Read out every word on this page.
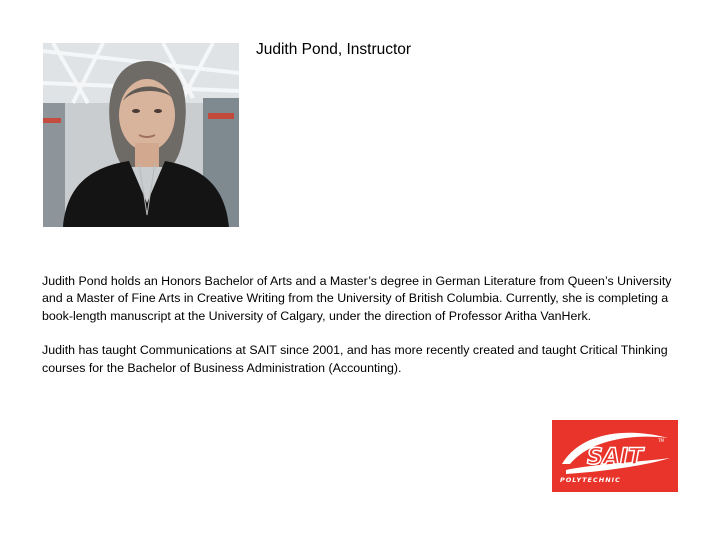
Judith Pond, Instructor

Judith Pond holds an Honors Bachelor of Arts and a Master’s degree in German Literature from Queen’s University and a Master of Fine Arts in Creative Writing from the University of British Columbia. Currently, she is completing a book-length manuscript at the University of Calgary, under the direction of Professor Aritha VanHerk.

Judith has taught Communications at SAIT since 2001, and has more recently created and taught Critical Thinking courses for the Bachelor of Business Administration (Accounting).

SAIT
TM
POLYTECHNIC
